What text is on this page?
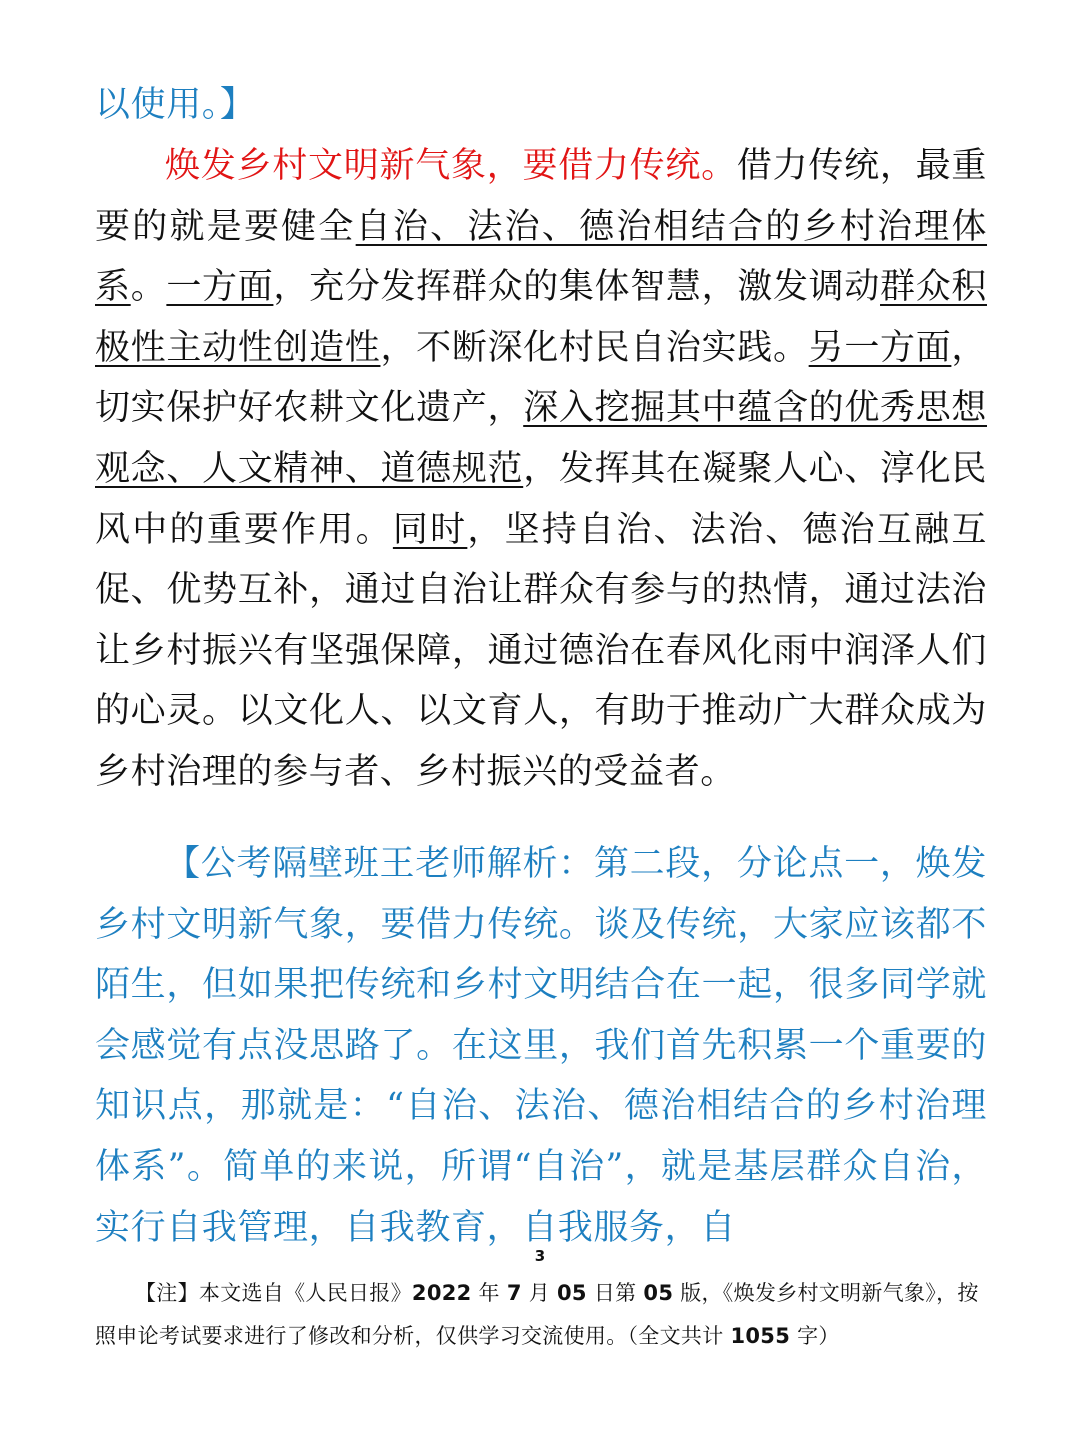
以使用。】
焕发乡村文明新气象，要借力传统。借力传统，最重要的就是要健全自治、法治、德治相结合的乡村治理体系。一方面，充分发挥群众的集体智慧，激发调动群众积极性主动性创造性，不断深化村民自治实践。另一方面，切实保护好农耕文化遗产，深入挖掘其中蕴含的优秀思想观念、人文精神、道德规范，发挥其在凝聚人心、淳化民风中的重要作用。同时，坚持自治、法治、德治互融互促、优势互补，通过自治让群众有参与的热情，通过法治让乡村振兴有坚强保障，通过德治在春风化雨中润泽人们的心灵。以文化人、以文育人，有助于推动广大群众成为乡村治理的参与者、乡村振兴的受益者。
【公考隔壁班王老师解析：第二段，分论点一，焕发乡村文明新气象，要借力传统。谈及传统，大家应该都不陌生，但如果把传统和乡村文明结合在一起，很多同学就会感觉有点没思路了。在这里，我们首先积累一个重要的知识点，那就是：“自治、法治、德治相结合的乡村治理体系”。简单的来说，所谓“自治”，就是基层群众自治，实行自我管理，自我教育，自我服务，自
3
【注】本文选自《人民日报》2022 年 7 月 05 日第 05 版，《焕发乡村文明新气象》，按照申论考试要求进行了修改和分析，仅供学习交流使用。（全文共计 1055 字）
